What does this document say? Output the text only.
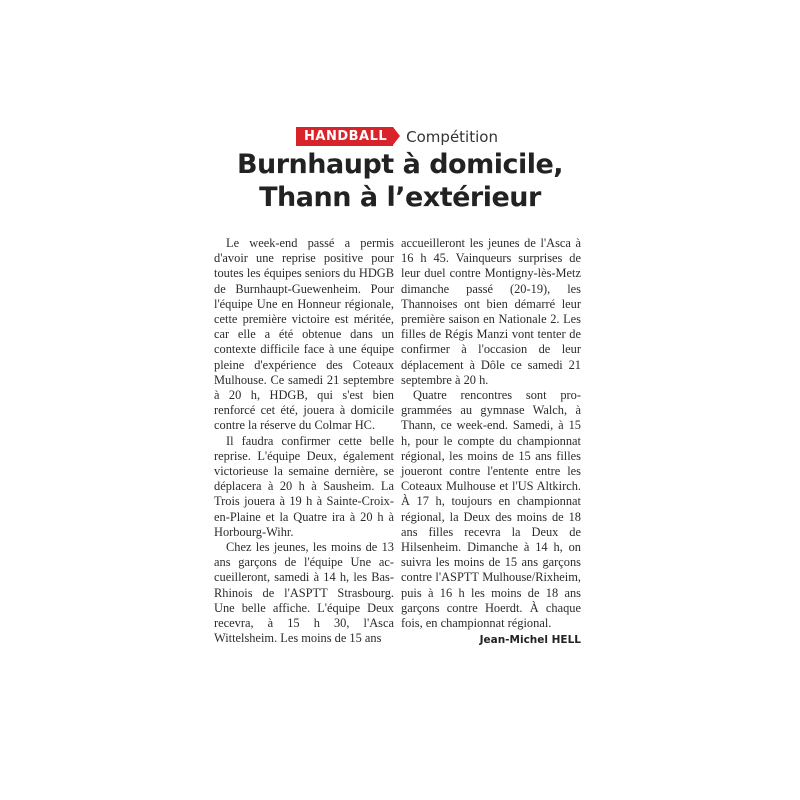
HANDBALL	Compétition
Burnhaupt à domicile,
Thann à l’extérieur

Le week-end passé a permis d'avoir une reprise positive pour toutes les équipes seniors du HDGB de Burnhaupt-Guewenheim. Pour l'équipe Une en Honneur régionale, cette première victoire est méritée, car elle a été obtenue dans un contexte difficile face à une équipe pleine d'expérience des Coteaux Mulhouse. Ce samedi 21 septembre à 20 h, HDGB, qui s'est bien renforcé cet été, jouera à domicile contre la réserve du Colmar HC.

Il faudra confirmer cette belle reprise. L'équipe Deux, également victorieuse la semaine dernière, se déplacera à 20 h à Sausheim. La Trois jouera à 19 h à Sainte-Croix-en-Plaine et la Quatre ira à 20 h à Horbourg-Wihr.

Chez les jeunes, les moins de 13 ans garçons de l'équipe Une accueilleront, samedi à 14 h, les Bas-Rhinois de l'ASPTT Strasbourg. Une belle affiche. L'équipe Deux recevra, à 15 h 30, l'Asca Wittelsheim. Les moins de 15 ans

accueilleront les jeunes de l'Asca à 16 h 45. Vainqueurs surprises de leur duel contre Montigny-lès-Metz dimanche passé (20-19), les Thannoises ont bien démarré leur première saison en Nationale 2. Les filles de Régis Manzi vont tenter de confirmer à l'occasion de leur déplacement à Dôle ce samedi 21 septembre à 20 h.

Quatre rencontres sont programmées au gymnase Walch, à Thann, ce week-end. Samedi, à 15 h, pour le compte du championnat régional, les moins de 15 ans filles joueront contre l'entente entre les Coteaux Mulhouse et l'US Altkirch. À 17 h, toujours en championnat régional, la Deux des moins de 18 ans filles recevra la Deux de Hilsenheim. Dimanche à 14 h, on suivra les moins de 15 ans garçons contre l'ASPTT Mulhouse/Rixheim, puis à 16 h les moins de 18 ans garçons contre Hoerdt. À chaque fois, en championnat régional.

Jean-Michel HELL
